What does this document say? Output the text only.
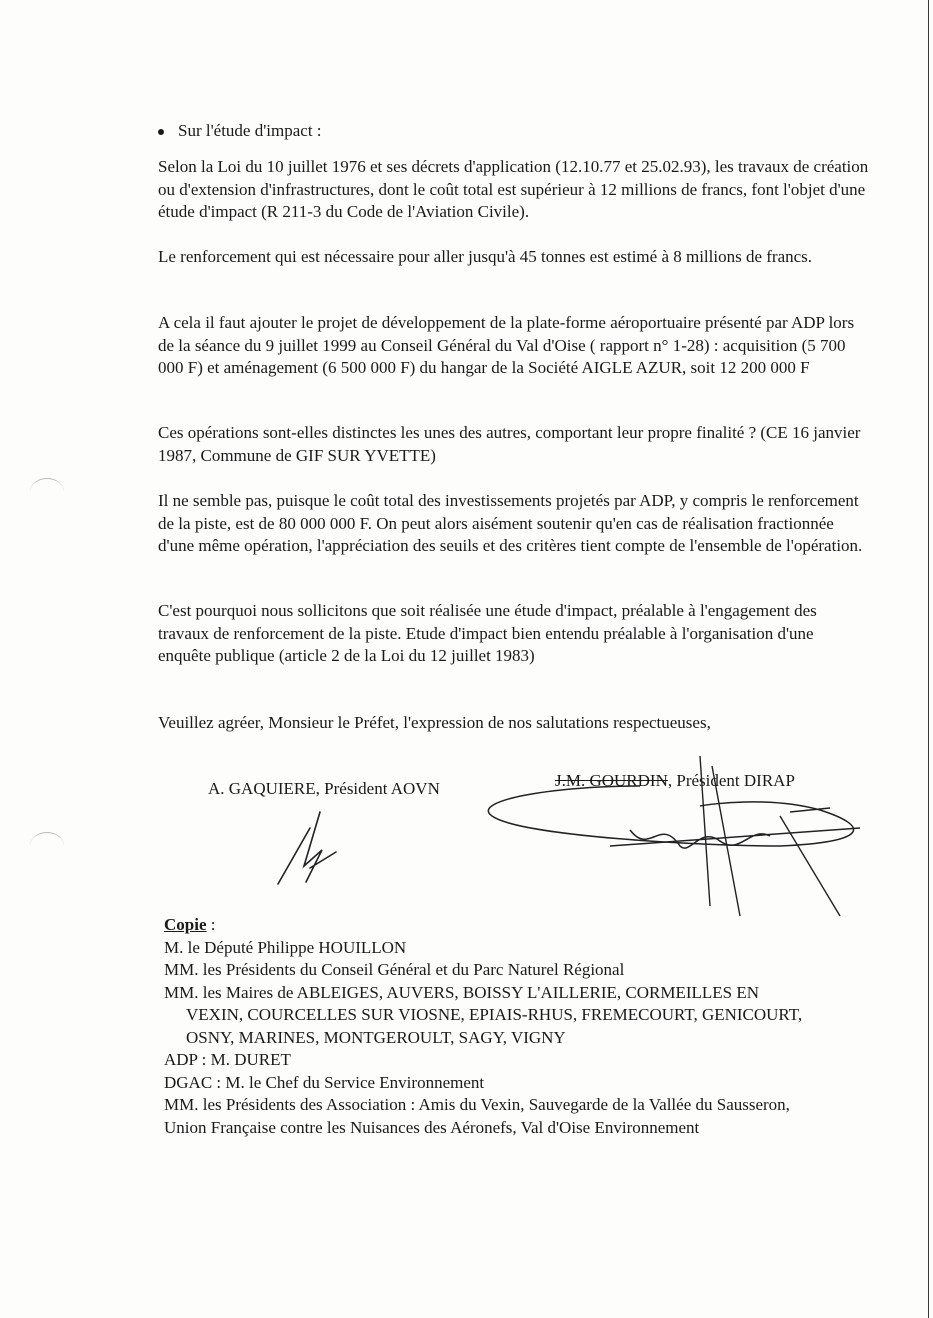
Sur l'étude d'impact :

Selon la Loi du 10 juillet 1976 et ses décrets d'application (12.10.77 et 25.02.93), les travaux de création ou d'extension d'infrastructures, dont le coût total est supérieur à 12 millions de francs, font l'objet d'une étude d'impact (R 211-3 du Code de l'Aviation Civile).

Le renforcement qui est nécessaire pour aller jusqu'à 45 tonnes est estimé à 8 millions de francs.

A cela il faut ajouter le projet de développement de la plate-forme aéroportuaire présenté par ADP lors de la séance du 9 juillet 1999 au Conseil Général du Val d'Oise ( rapport n° 1-28) : acquisition (5 700 000 F) et aménagement (6 500 000 F) du hangar de la Société AIGLE AZUR, soit 12 200 000 F

Ces opérations sont-elles distinctes les unes des autres, comportant leur propre finalité ? (CE 16 janvier 1987, Commune de GIF SUR YVETTE)

Il ne semble pas, puisque le coût total des investissements projetés par ADP, y compris le renforcement de la piste, est de 80 000 000 F. On peut alors aisément soutenir qu'en cas de réalisation fractionnée d'une même opération, l'appréciation des seuils et des critères tient compte de l'ensemble de l'opération.

C'est pourquoi nous sollicitons que soit réalisée une étude d'impact, préalable à l'engagement des travaux de renforcement de la piste. Etude d'impact bien entendu préalable à l'organisation d'une enquête publique (article 2 de la Loi du 12 juillet 1983)

Veuillez agréer, Monsieur le Préfet, l'expression de nos salutations respectueuses,

A. GAQUIERE, Président AOVN	J.M. GOURDIN, Président DIRAP
Copie :
M. le Député Philippe HOUILLON
MM. les Présidents du Conseil Général et du Parc Naturel Régional
MM. les Maires de ABLEIGES, AUVERS, BOISSY L'AILLERIE, CORMEILLES EN
VEXIN, COURCELLES SUR VIOSNE, EPIAIS-RHUS, FREMECOURT, GENICOURT,
OSNY, MARINES, MONTGEROULT, SAGY, VIGNY
ADP : M. DURET
DGAC : M. le Chef du Service Environnement
MM. les Présidents des Association : Amis du Vexin, Sauvegarde de la Vallée du Sausseron,
Union Française contre les Nuisances des Aéronefs, Val d'Oise Environnement
